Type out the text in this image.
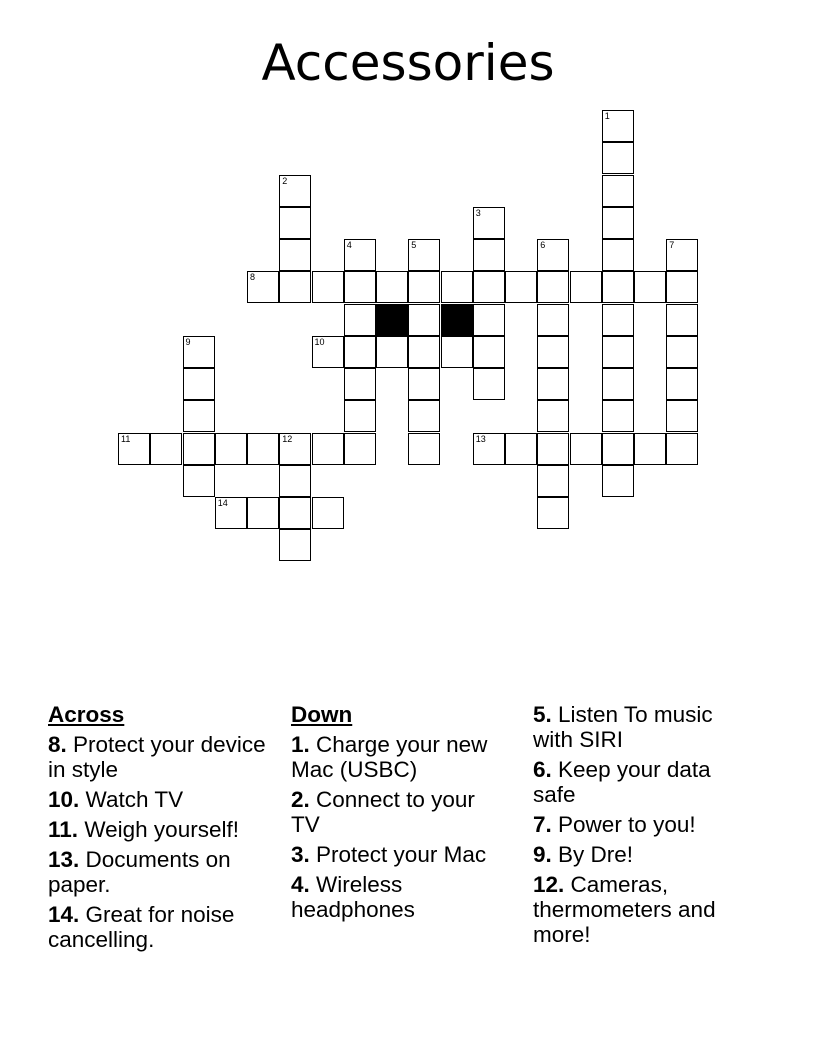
Accessories
1
2
3
4	5	6	7
8
10
9
11	12
14
13
Across
8. Protect your device in style
10. Watch TV
11. Weigh yourself!
13. Documents on paper.
14. Great for noise cancelling.
Down
1. Charge your new Mac (USBC)
2. Connect to your TV
3. Protect your Mac
4. Wireless headphones
5. Listen To music with SIRI
6. Keep your data safe
7. Power to you!
9. By Dre!
12. Cameras, thermometers and more!
